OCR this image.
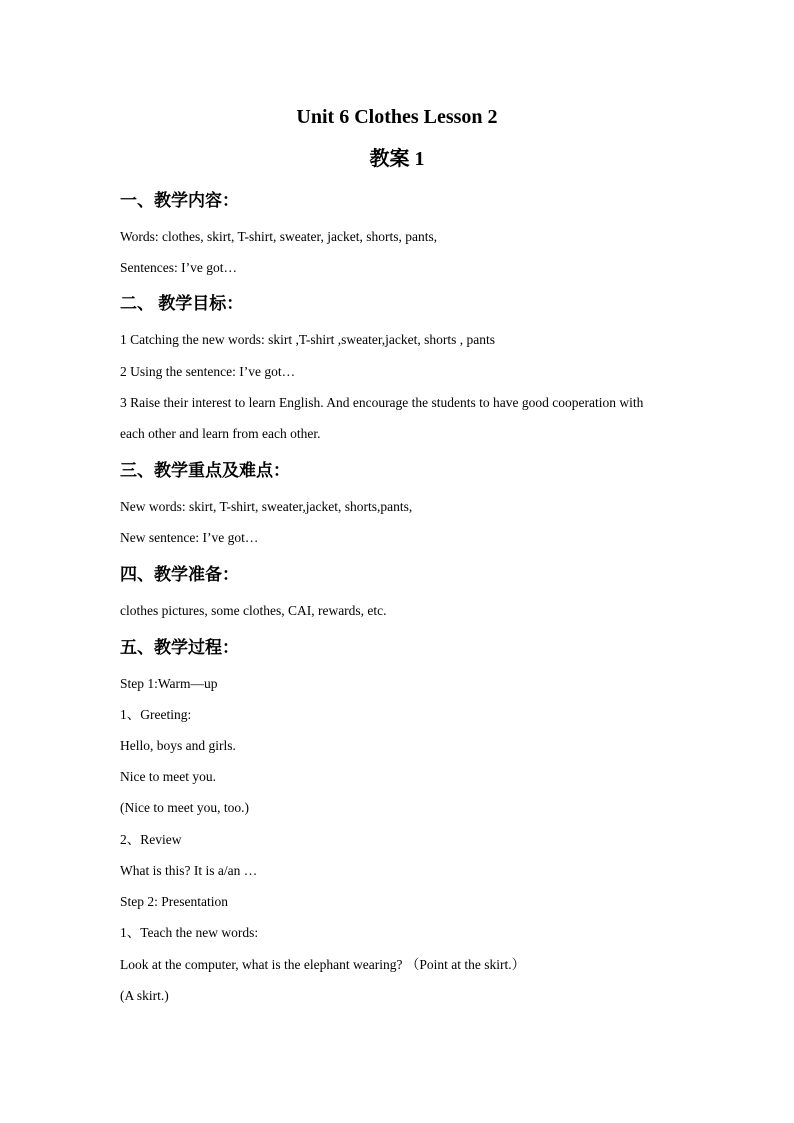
Unit 6 Clothes Lesson 2
教案 1
一、教学内容：
Words: clothes, skirt, T-shirt, sweater, jacket, shorts, pants,
Sentences: I’ve got…
二、 教学目标：
1 Catching the new words: skirt ,T-shirt ,sweater,jacket, shorts , pants
2 Using the sentence: I’ve got…
3 Raise their interest to learn English. And encourage the students to have good cooperation with
each other and learn from each other.
三、教学重点及难点：
New words: skirt, T-shirt, sweater,jacket, shorts,pants,
New sentence: I’ve got…
四、教学准备：
clothes pictures, some clothes, CAI, rewards, etc.
五、教学过程：
Step 1:Warm—up
1、Greeting:
Hello, boys and girls.
Nice to meet you.
(Nice to meet you, too.)
2、Review
What is this? It is a/an …
Step 2: Presentation
1、Teach the new words:
Look at the computer, what is the elephant wearing? （Point at the skirt.）
(A skirt.)
